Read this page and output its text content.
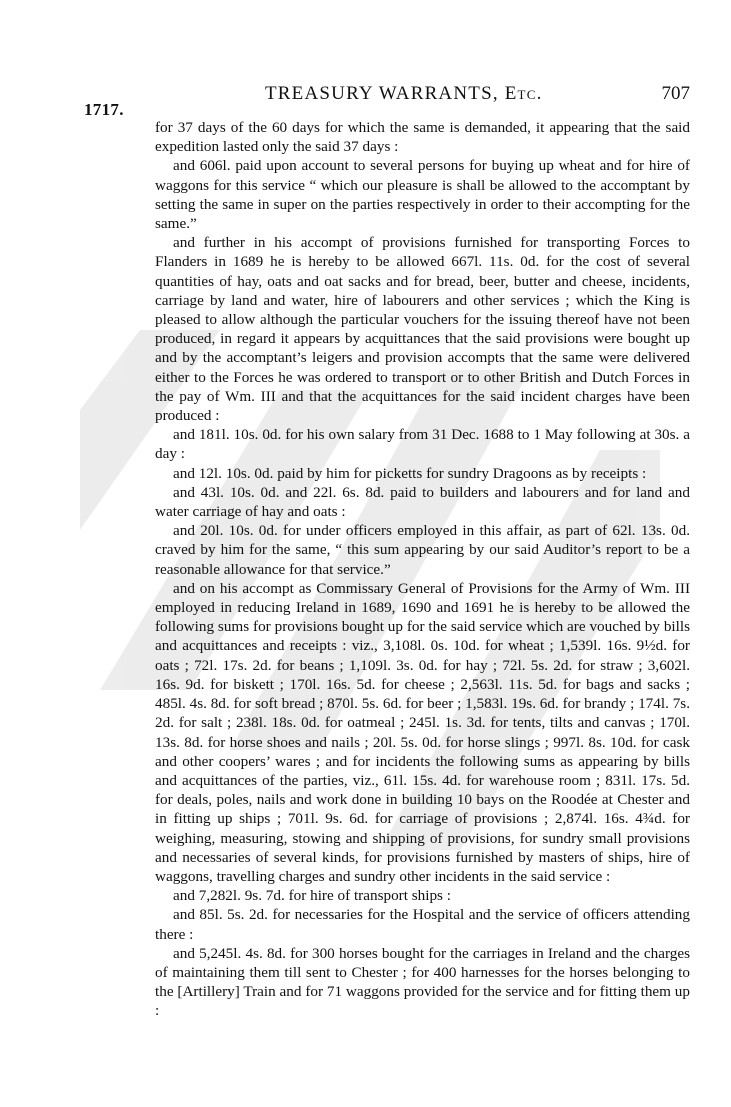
1717.
TREASURY WARRANTS, Etc.	707

for 37 days of the 60 days for which the same is demanded, it appearing that the said expedition lasted only the said 37 days :

and 606l. paid upon account to several persons for buying up wheat and for hire of waggons for this service “ which our pleasure is shall be allowed to the accomptant by setting the same in super on the parties respectively in order to their accompting for the same.”

and further in his accompt of provisions furnished for transporting Forces to Flanders in 1689 he is hereby to be allowed 667l. 11s. 0d. for the cost of several quantities of hay, oats and oat sacks and for bread, beer, butter and cheese, incidents, carriage by land and water, hire of labourers and other services ; which the King is pleased to allow although the particular vouchers for the issuing thereof have not been produced, in regard it appears by acquittances that the said provisions were bought up and by the accomptant’s leigers and provision accompts that the same were delivered either to the Forces he was ordered to transport or to other British and Dutch Forces in the pay of Wm. III and that the acquittances for the said incident charges have been produced :

and 181l. 10s. 0d. for his own salary from 31 Dec. 1688 to 1 May following at 30s. a day :

and 12l. 10s. 0d. paid by him for picketts for sundry Dragoons as by receipts :

and 43l. 10s. 0d. and 22l. 6s. 8d. paid to builders and labourers and for land and water carriage of hay and oats :

and 20l. 10s. 0d. for under officers employed in this affair, as part of 62l. 13s. 0d. craved by him for the same, “ this sum appearing by our said Auditor’s report to be a reasonable allowance for that service.”

and on his accompt as Commissary General of Provisions for the Army of Wm. III employed in reducing Ireland in 1689, 1690 and 1691 he is hereby to be allowed the following sums for provisions bought up for the said service which are vouched by bills and acquittances and receipts : viz., 3,108l. 0s. 10d. for wheat ; 1,539l. 16s. 9½d. for oats ; 72l. 17s. 2d. for beans ; 1,109l. 3s. 0d. for hay ; 72l. 5s. 2d. for straw ; 3,602l. 16s. 9d. for biskett ; 170l. 16s. 5d. for cheese ; 2,563l. 11s. 5d. for bags and sacks ; 485l. 4s. 8d. for soft bread ; 870l. 5s. 6d. for beer ; 1,583l. 19s. 6d. for brandy ; 174l. 7s. 2d. for salt ; 238l. 18s. 0d. for oatmeal ; 245l. 1s. 3d. for tents, tilts and canvas ; 170l. 13s. 8d. for horse shoes and nails ; 20l. 5s. 0d. for horse slings ; 997l. 8s. 10d. for cask and other coopers’ wares ; and for incidents the following sums as appearing by bills and acquittances of the parties, viz., 61l. 15s. 4d. for warehouse room ; 831l. 17s. 5d. for deals, poles, nails and work done in building 10 bays on the Roodée at Chester and in fitting up ships ; 701l. 9s. 6d. for carriage of provisions ; 2,874l. 16s. 4¾d. for weighing, measuring, stowing and shipping of provisions, for sundry small provisions and necessaries of several kinds, for provisions furnished by masters of ships, hire of waggons, travelling charges and sundry other incidents in the said service :

and 7,282l. 9s. 7d. for hire of transport ships :

and 85l. 5s. 2d. for necessaries for the Hospital and the service of officers attending there :

and 5,245l. 4s. 8d. for 300 horses bought for the carriages in Ireland and the charges of maintaining them till sent to Chester ; for 400 harnesses for the horses belonging to the [Artillery] Train and for 71 waggons provided for the service and for fitting them up :
